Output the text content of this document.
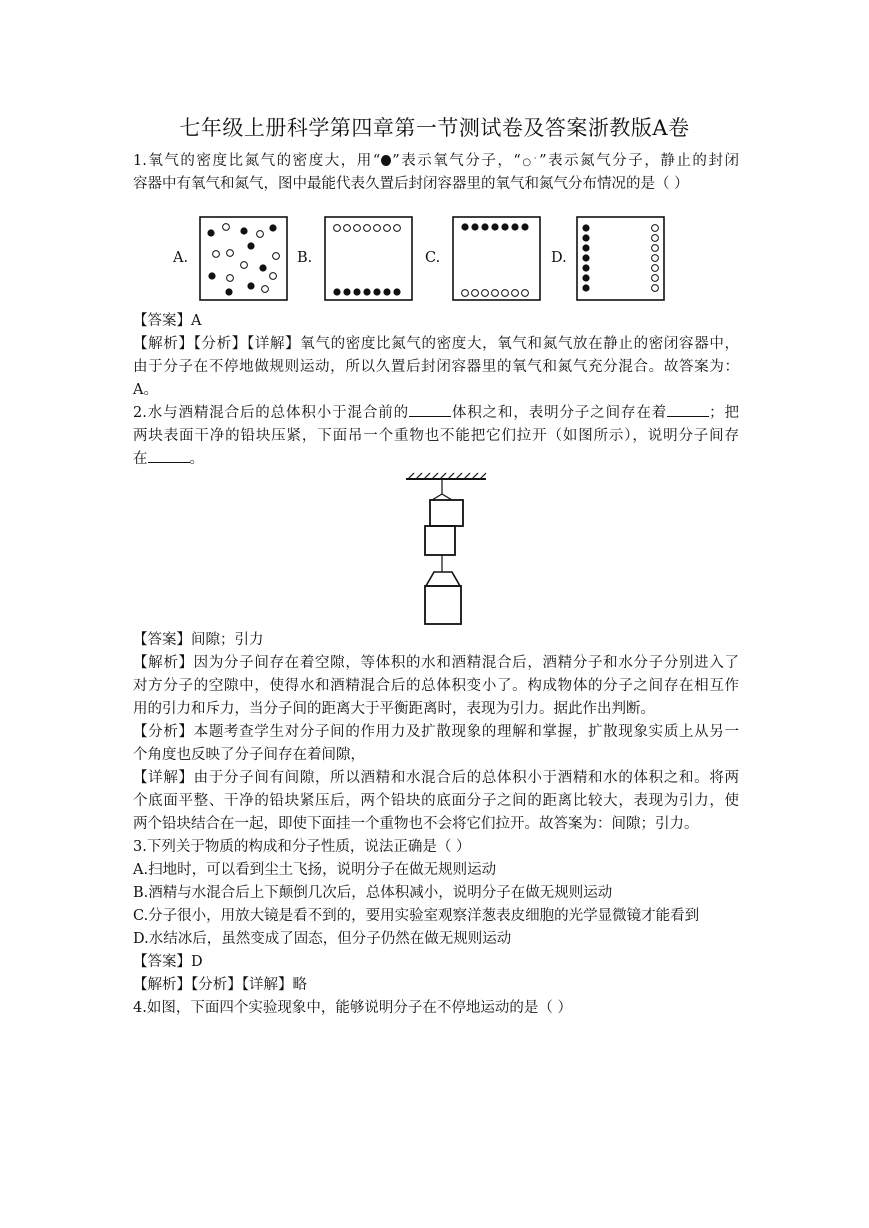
七年级上册科学第四章第一节测试卷及答案浙教版A卷
1.氧气的密度比氮气的密度大，用“ ”表示氧气分子，“○˙”表示氮气分子，静止的封闭
容器中有氧气和氮气，图中最能代表久置后封闭容器里的氧气和氮气分布情况的是（ ）
A.	B.	C.	D.
【答案】A
【解析】【分析】【详解】氧气的密度比氮气的密度大，氧气和氮气放在静止的密闭容器中，
由于分子在不停地做规则运动，所以久置后封闭容器里的氧气和氮气充分混合。故答案为：
A。
2.水与酒精混合后的总体积小于混合前的	体积之和，表明分子之间存在着	；把
两块表面干净的铅块压紧，下面吊一个重物也不能把它们拉开（如图所示），说明分子间存
在	。
【答案】间隙；引力
【解析】因为分子间存在着空隙，等体积的水和酒精混合后，酒精分子和水分子分别进入了
对方分子的空隙中，使得水和酒精混合后的总体积变小了。构成物体的分子之间存在相互作
用的引力和斥力，当分子间的距离大于平衡距离时，表现为引力。据此作出判断。
【分析】本题考查学生对分子间的作用力及扩散现象的理解和掌握，扩散现象实质上从另一
个角度也反映了分子间存在着间隙，
【详解】由于分子间有间隙，所以酒精和水混合后的总体积小于酒精和水的体积之和。将两
个底面平整、干净的铅块紧压后，两个铅块的底面分子之间的距离比较大，表现为引力，使
两个铅块结合在一起，即使下面挂一个重物也不会将它们拉开。故答案为：间隙；引力。
3.下列关于物质的构成和分子性质，说法正确是（ ）
A.扫地时，可以看到尘土飞扬，说明分子在做无规则运动
B.酒精与水混合后上下颠倒几次后，总体积减小，说明分子在做无规则运动
C.分子很小，用放大镜是看不到的，要用实验室观察洋葱表皮细胞的光学显微镜才能看到
D.水结冰后，虽然变成了固态，但分子仍然在做无规则运动
【答案】D
【解析】【分析】【详解】略
4.如图，下面四个实验现象中，能够说明分子在不停地运动的是（ ）
